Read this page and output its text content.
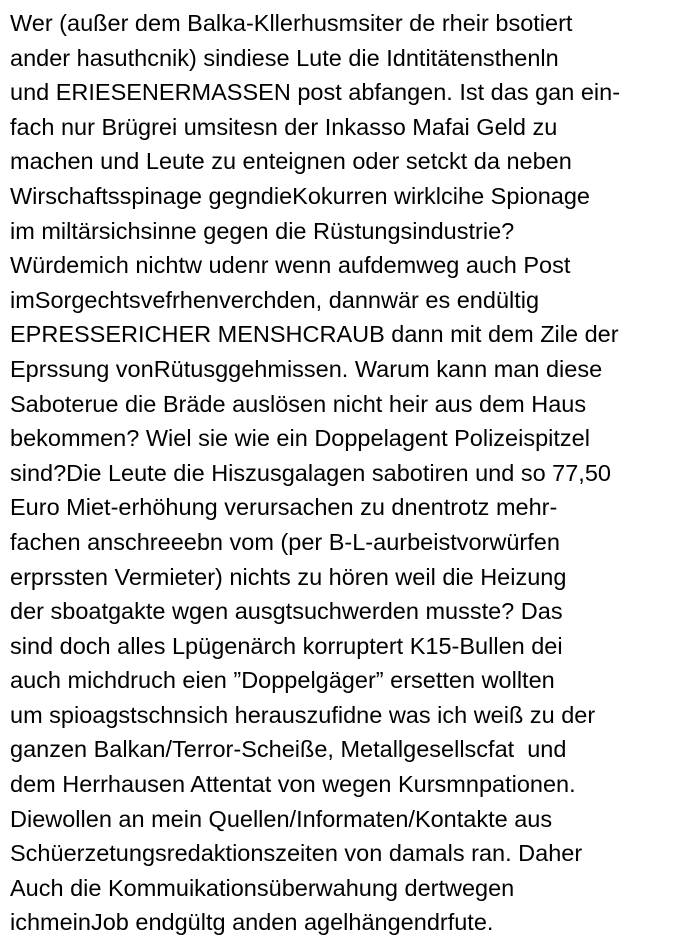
Wer (außer dem Balka-Kllerhusmsiter de rheir bsotiert
ander hasuthcnik) sindiese Lute die Idntitätensthenln
und ERIESENERMASSEN post abfangen. Ist das gan ein-
fach nur Brügrei umsitesn der Inkasso Mafai Geld zu
machen und Leute zu enteignen oder setckt da neben
Wirschaftsspinage gegndieKokurren wirklcihe Spionage
im miltärsichsinne gegen die Rüstungsindustrie?
Würdemich nichtw udenr wenn aufdemweg auch Post
imSorgechtsvefrhenverchden, dannwär es endültig
EPRESSERICHER MENSHCRAUB dann mit dem Zile der
Eprssung vonRütusggehmissen. Warum kann man diese
Saboterue die Bräde auslösen nicht heir aus dem Haus
bekommen? Wiel sie wie ein Doppelagent Polizeispitzel
sind?Die Leute die Hiszusgalagen sabotiren und so 77,50
Euro Miet-erhöhung verursachen zu dnentrotz mehr-
fachen anschreeebn vom (per B-L-aurbeistvorwürfen
erprssten Vermieter) nichts zu hören weil die Heizung
der sboatgakte wgen ausgtsuchwerden musste? Das
sind doch alles Lpügenärch korruptert K15-Bullen dei
auch michdruch eien ”Doppelgäger” ersetten wollten
um spioagstschnsich herauszufidne was ich weiß zu der
ganzen Balkan/Terror-Scheiße, Metallgesellscfat  und
dem Herrhausen Attentat von wegen Kursmnpationen.
Diewollen an mein Quellen/Informaten/Kontakte aus
Schüerzetungsredaktionszeiten von damals ran. Daher
Auch die Kommuikationsüberwahung dertwegen
ichmeinJob endgültg anden agelhängendrfute.
